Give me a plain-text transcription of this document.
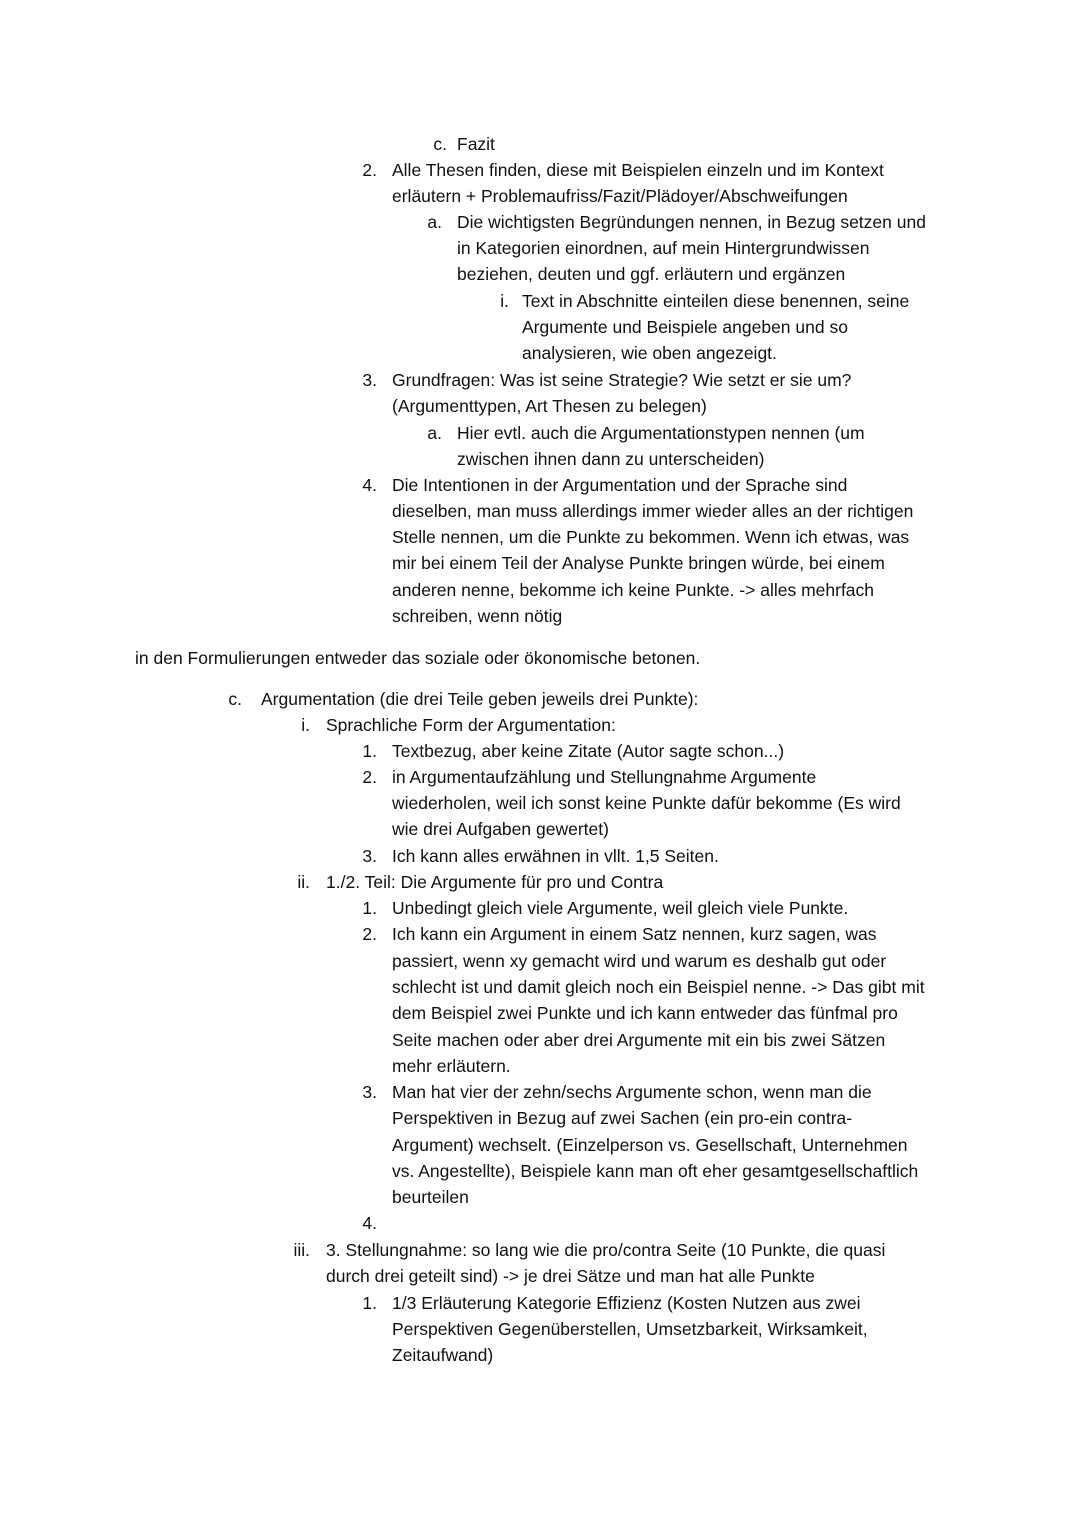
c. Fazit
2. Alle Thesen finden, diese mit Beispielen einzeln und im Kontext
erläutern + Problemaufriss/Fazit/Plädoyer/Abschweifungen
a. Die wichtigsten Begründungen nennen, in Bezug setzen und
in Kategorien einordnen, auf mein Hintergrundwissen
beziehen, deuten und ggf. erläutern und ergänzen
i. Text in Abschnitte einteilen diese benennen, seine
Argumente und Beispiele angeben und so
analysieren, wie oben angezeigt.
3. Grundfragen: Was ist seine Strategie? Wie setzt er sie um?
(Argumenttypen, Art Thesen zu belegen)
a. Hier evtl. auch die Argumentationstypen nennen (um
zwischen ihnen dann zu unterscheiden)
4. Die Intentionen in der Argumentation und der Sprache sind
dieselben, man muss allerdings immer wieder alles an der richtigen
Stelle nennen, um die Punkte zu bekommen. Wenn ich etwas, was
mir bei einem Teil der Analyse Punkte bringen würde, bei einem
anderen nenne, bekomme ich keine Punkte. -> alles mehrfach
schreiben, wenn nötig
in den Formulierungen entweder das soziale oder ökonomische betonen.
c. Argumentation (die drei Teile geben jeweils drei Punkte):
i. Sprachliche Form der Argumentation:
1. Textbezug, aber keine Zitate (Autor sagte schon...)
2. in Argumentaufzählung und Stellungnahme Argumente
wiederholen, weil ich sonst keine Punkte dafür bekomme (Es wird
wie drei Aufgaben gewertet)
3. Ich kann alles erwähnen in vllt. 1,5 Seiten.
ii. 1./2. Teil: Die Argumente für pro und Contra
1. Unbedingt gleich viele Argumente, weil gleich viele Punkte.
2. Ich kann ein Argument in einem Satz nennen, kurz sagen, was
passiert, wenn xy gemacht wird und warum es deshalb gut oder
schlecht ist und damit gleich noch ein Beispiel nenne. -> Das gibt mit
dem Beispiel zwei Punkte und ich kann entweder das fünfmal pro
Seite machen oder aber drei Argumente mit ein bis zwei Sätzen
mehr erläutern.
3. Man hat vier der zehn/sechs Argumente schon, wenn man die
Perspektiven in Bezug auf zwei Sachen (ein pro-ein contra-
Argument) wechselt. (Einzelperson vs. Gesellschaft, Unternehmen
vs. Angestellte), Beispiele kann man oft eher gesamtgesellschaftlich
beurteilen
4.
iii. 3. Stellungnahme: so lang wie die pro/contra Seite (10 Punkte, die quasi
durch drei geteilt sind) -> je drei Sätze und man hat alle Punkte
1. 1/3 Erläuterung Kategorie Effizienz (Kosten Nutzen aus zwei
Perspektiven Gegenüberstellen, Umsetzbarkeit, Wirksamkeit,
Zeitaufwand)
